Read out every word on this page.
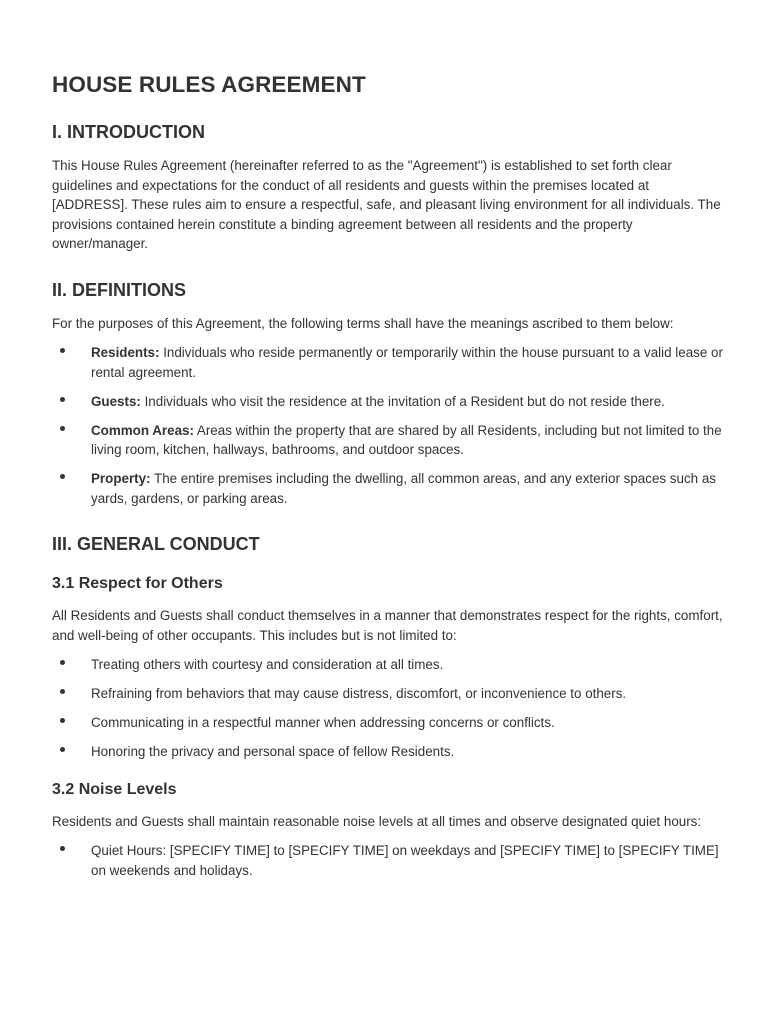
HOUSE RULES AGREEMENT
I. INTRODUCTION

This House Rules Agreement (hereinafter referred to as the "Agreement") is established to set forth clear guidelines and expectations for the conduct of all residents and guests within the premises located at [ADDRESS]. These rules aim to ensure a respectful, safe, and pleasant living environment for all individuals. The provisions contained herein constitute a binding agreement between all residents and the property owner/manager.

II. DEFINITIONS

For the purposes of this Agreement, the following terms shall have the meanings ascribed to them below:

Residents: Individuals who reside permanently or temporarily within the house pursuant to a valid lease or rental agreement.
Guests: Individuals who visit the residence at the invitation of a Resident but do not reside there.
Common Areas: Areas within the property that are shared by all Residents, including but not limited to the living room, kitchen, hallways, bathrooms, and outdoor spaces.
Property: The entire premises including the dwelling, all common areas, and any exterior spaces such as yards, gardens, or parking areas.
III. GENERAL CONDUCT
3.1 Respect for Others

All Residents and Guests shall conduct themselves in a manner that demonstrates respect for the rights, comfort, and well-being of other occupants. This includes but is not limited to:

Treating others with courtesy and consideration at all times.
Refraining from behaviors that may cause distress, discomfort, or inconvenience to others.
Communicating in a respectful manner when addressing concerns or conflicts.
Honoring the privacy and personal space of fellow Residents.
3.2 Noise Levels

Residents and Guests shall maintain reasonable noise levels at all times and observe designated quiet hours:

Quiet Hours: [SPECIFY TIME] to [SPECIFY TIME] on weekdays and [SPECIFY TIME] to [SPECIFY TIME] on weekends and holidays.
